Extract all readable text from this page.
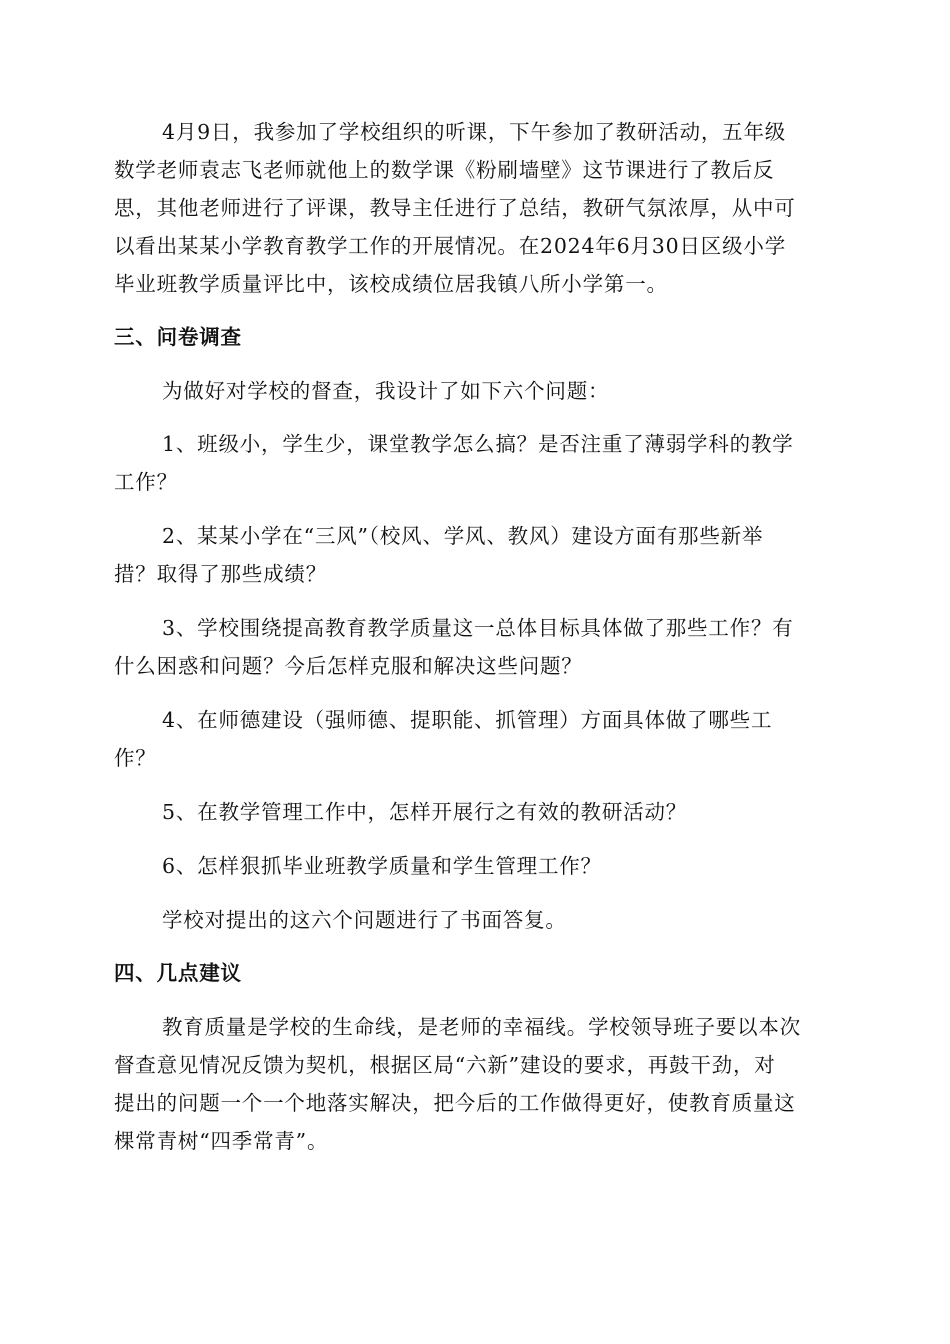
4月9日，我参加了学校组织的听课，下午参加了教研活动，五年级
数学老师袁志飞老师就他上的数学课《粉刷墙壁》这节课进行了教后反
思，其他老师进行了评课，教导主任进行了总结，教研气氛浓厚，从中可
以看出某某小学教育教学工作的开展情况。在2024年6月30日区级小学
毕业班教学质量评比中，该校成绩位居我镇八所小学第一。
三、问卷调查
为做好对学校的督查，我设计了如下六个问题：
1、班级小，学生少，课堂教学怎么搞？是否注重了薄弱学科的教学
工作？
2、某某小学在“三风”（校风、学风、教风）建设方面有那些新举
措？取得了那些成绩？
3、学校围绕提高教育教学质量这一总体目标具体做了那些工作？有
什么困惑和问题？今后怎样克服和解决这些问题？
4、在师德建设（强师德、提职能、抓管理）方面具体做了哪些工
作？
5、在教学管理工作中，怎样开展行之有效的教研活动？
6、怎样狠抓毕业班教学质量和学生管理工作？
学校对提出的这六个问题进行了书面答复。
四、几点建议
教育质量是学校的生命线，是老师的幸福线。学校领导班子要以本次
督查意见情况反馈为契机，根据区局“六新”建设的要求，再鼓干劲，对
提出的问题一个一个地落实解决，把今后的工作做得更好，使教育质量这
棵常青树“四季常青”。
